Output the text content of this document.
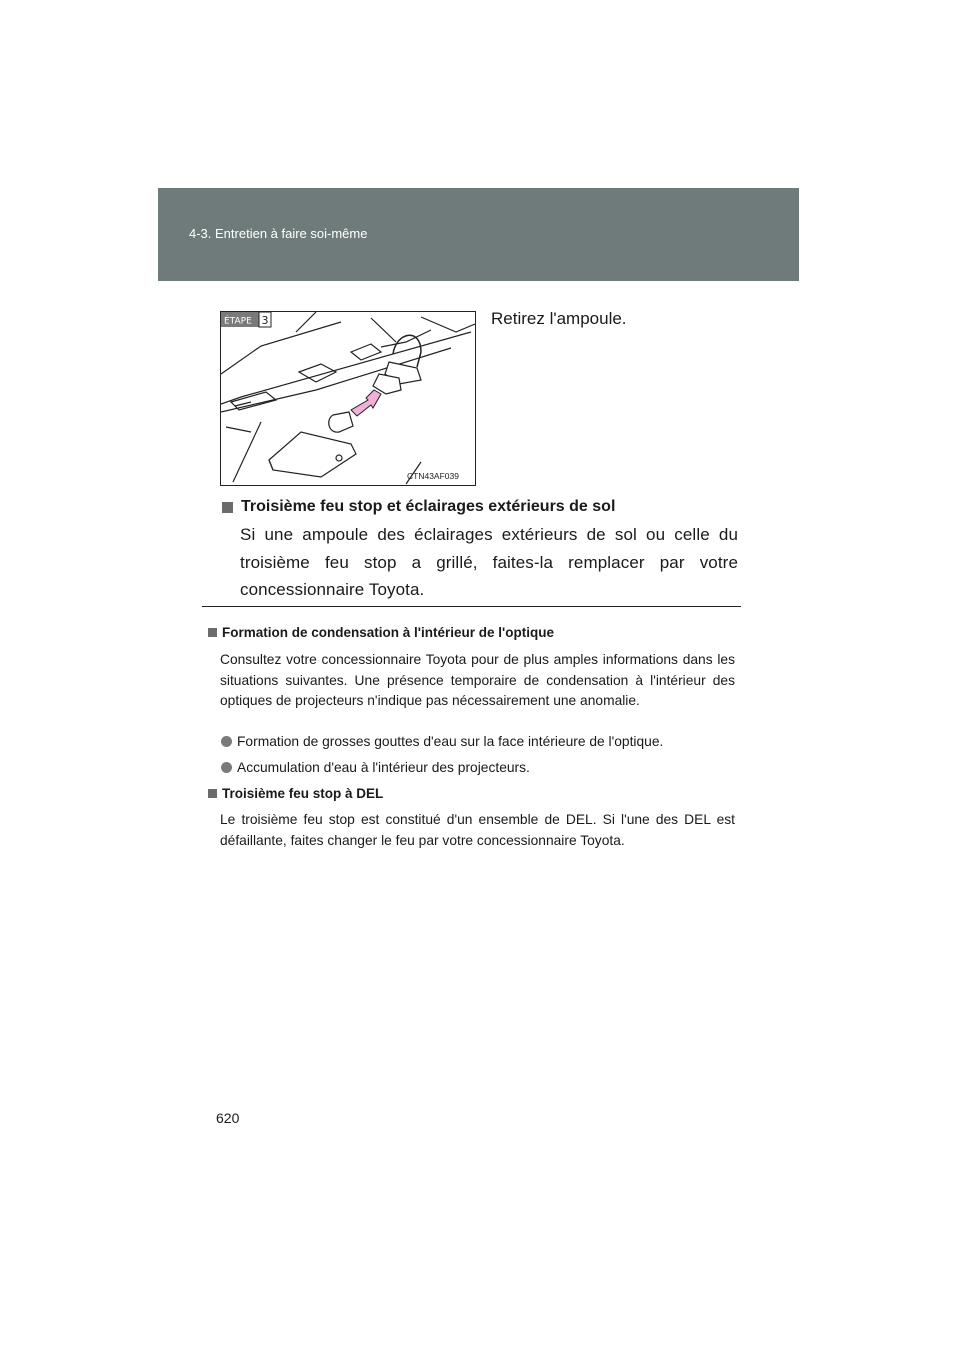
4-3. Entretien à faire soi-même
ÉTAPE 3
CTN43AF039
Retirez l'ampoule.
Troisième feu stop et éclairages extérieurs de sol

Si une ampoule des éclairages extérieurs de sol ou celle du troisième feu stop a grillé, faites-la remplacer par votre concessionnaire Toyota.

Formation de condensation à l'intérieur de l'optique

Consultez votre concessionnaire Toyota pour de plus amples informations dans les situations suivantes. Une présence temporaire de condensation à l'intérieur des optiques de projecteurs n'indique pas nécessairement une anomalie.

Formation de grosses gouttes d'eau sur la face intérieure de l'optique.
Accumulation d'eau à l'intérieur des projecteurs.
Troisième feu stop à DEL

Le troisième feu stop est constitué d'un ensemble de DEL. Si l'une des DEL est défaillante, faites changer le feu par votre concessionnaire Toyota.

620
